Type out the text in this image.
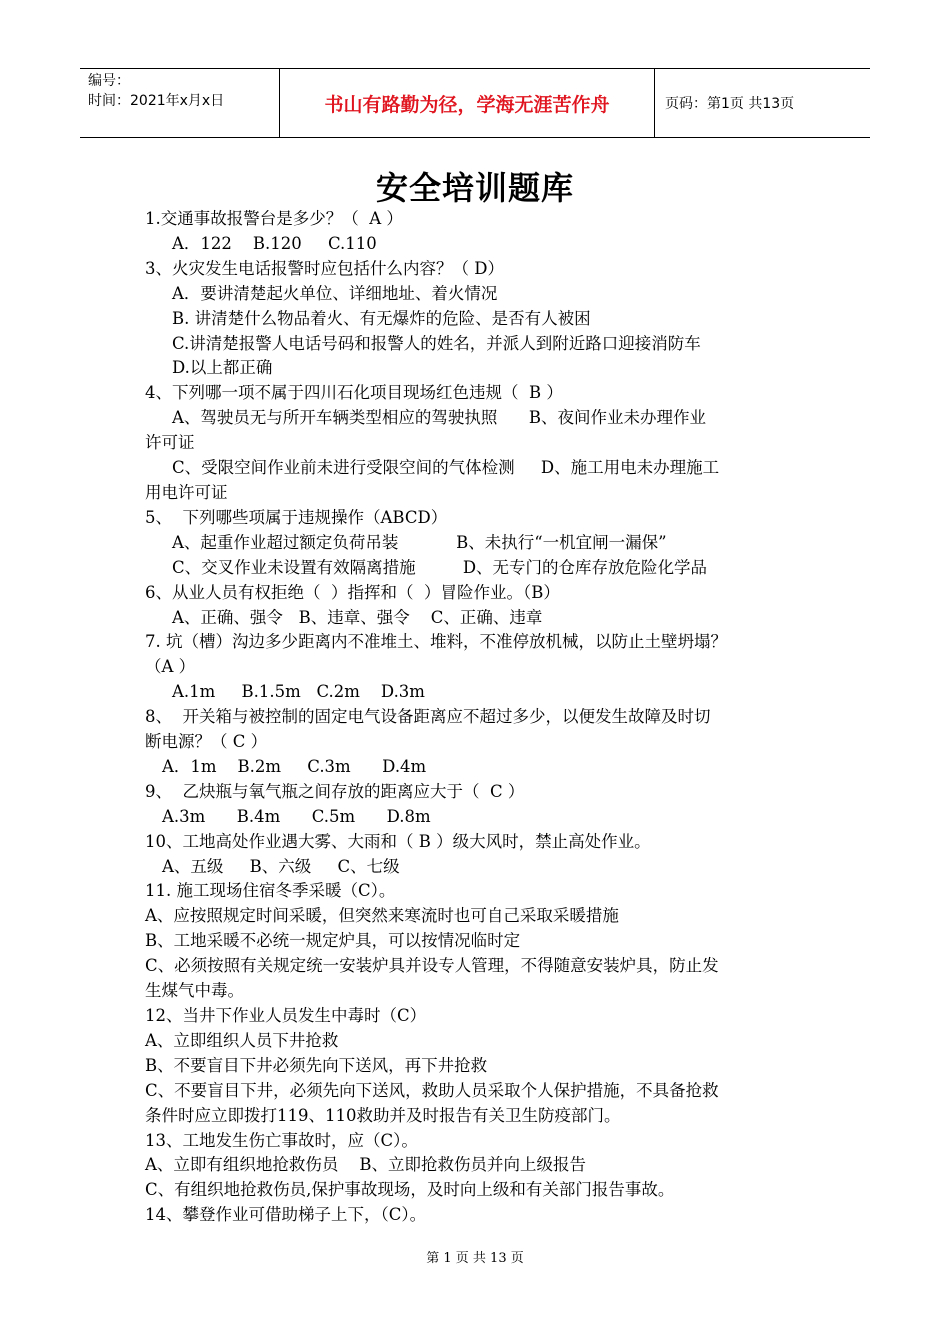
编号：
时间：2021年x月x日	书山有路勤为径，学海无涯苦作舟	页码：第1页 共13页
安全培训题库
1.交通事故报警台是多少？（  A ）
A．122    B.120     C.110
3、火灾发生电话报警时应包括什么内容？（ D）
A．要讲清楚起火单位、详细地址、着火情况
B. 讲清楚什么物品着火、有无爆炸的危险、是否有人被困
C.讲清楚报警人电话号码和报警人的姓名，并派人到附近路口迎接消防车
D.以上都正确
4、下列哪一项不属于四川石化项目现场红色违规（  B ）
A、驾驶员无与所开车辆类型相应的驾驶执照      B、夜间作业未办理作业
许可证
C、受限空间作业前未进行受限空间的气体检测     D、施工用电未办理施工
用电许可证
5、  下列哪些项属于违规操作（ABCD）
A、起重作业超过额定负荷吊装           B、未执行“一机宜闸一漏保”
C、交叉作业未设置有效隔离措施         D、无专门的仓库存放危险化学品
6、从业人员有权拒绝（  ）指挥和（  ）冒险作业。（B）
A、正确、强令   B、违章、强令    C、正确、违章
7. 坑（槽）沟边多少距离内不准堆土、堆料，不准停放机械，以防止土壁坍塌？
（A ）
A.1m     B.1.5m   C.2m    D.3m
8、  开关箱与被控制的固定电气设备距离应不超过多少，以便发生故障及时切
断电源？（ C ）
A．1m    B.2m     C.3m      D.4m
9、  乙炔瓶与氧气瓶之间存放的距离应大于（  C ）
A.3m      B.4m      C.5m      D.8m
10、工地高处作业遇大雾、大雨和（ B ）级大风时，禁止高处作业。
A、五级     B、六级     C、七级
11. 施工现场住宿冬季采暖（C）。
A、应按照规定时间采暖，但突然来寒流时也可自己采取采暖措施
B、工地采暖不必统一规定炉具，可以按情况临时定
C、必须按照有关规定统一安装炉具并设专人管理，不得随意安装炉具，防止发
生煤气中毒。
12、当井下作业人员发生中毒时（C）
A、立即组织人员下井抢救
B、不要盲目下井必须先向下送风，再下井抢救
C、不要盲目下井，必须先向下送风，救助人员采取个人保护措施，不具备抢救
条件时应立即拨打119、110救助并及时报告有关卫生防疫部门。
13、工地发生伤亡事故时，应（C）。
A、立即有组织地抢救伤员    B、立即抢救伤员并向上级报告
C、有组织地抢救伤员,保护事故现场，及时向上级和有关部门报告事故。
14、攀登作业可借助梯子上下，（C）。
第 1 页 共 13 页
